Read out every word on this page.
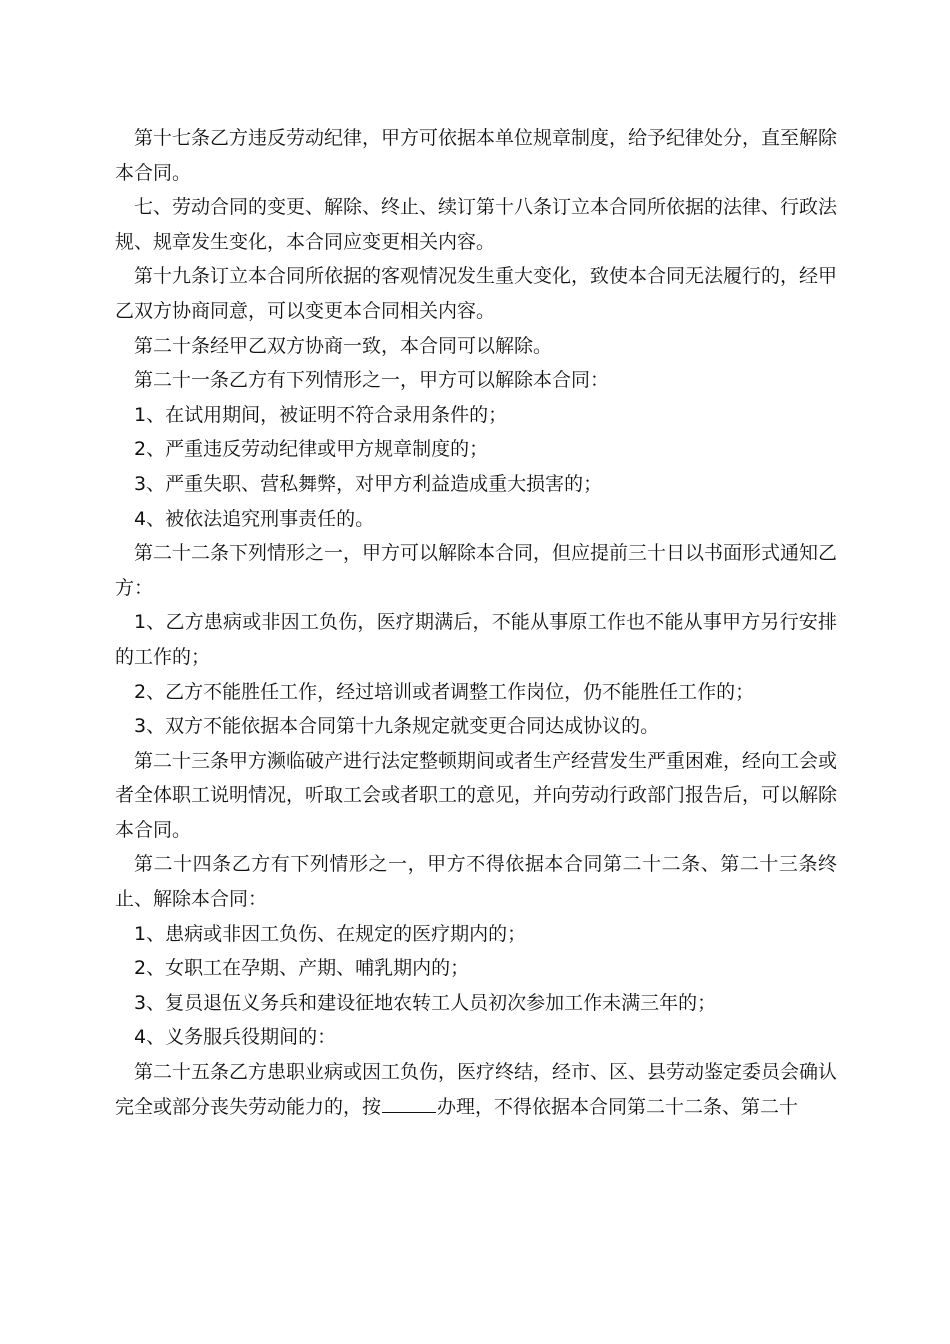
第十七条乙方违反劳动纪律，甲方可依据本单位规章制度，给予纪律处分，直至解除本合同。

七、劳动合同的变更、解除、终止、续订第十八条订立本合同所依据的法律、行政法规、规章发生变化，本合同应变更相关内容。

第十九条订立本合同所依据的客观情况发生重大变化，致使本合同无法履行的，经甲乙双方协商同意，可以变更本合同相关内容。

第二十条经甲乙双方协商一致，本合同可以解除。

第二十一条乙方有下列情形之一，甲方可以解除本合同：

1、在试用期间，被证明不符合录用条件的；

2、严重违反劳动纪律或甲方规章制度的；

3、严重失职、营私舞弊，对甲方利益造成重大损害的；

4、被依法追究刑事责任的。

第二十二条下列情形之一，甲方可以解除本合同，但应提前三十日以书面形式通知乙方：

1、乙方患病或非因工负伤，医疗期满后，不能从事原工作也不能从事甲方另行安排的工作的；

2、乙方不能胜任工作，经过培训或者调整工作岗位，仍不能胜任工作的；

3、双方不能依据本合同第十九条规定就变更合同达成协议的。

第二十三条甲方濒临破产进行法定整顿期间或者生产经营发生严重困难，经向工会或者全体职工说明情况，听取工会或者职工的意见，并向劳动行政部门报告后，可以解除本合同。

第二十四条乙方有下列情形之一，甲方不得依据本合同第二十二条、第二十三条终止、解除本合同：

1、患病或非因工负伤、在规定的医疗期内的；

2、女职工在孕期、产期、哺乳期内的；

3、复员退伍义务兵和建设征地农转工人员初次参加工作未满三年的；

4、义务服兵役期间的：

第二十五条乙方患职业病或因工负伤，医疗终结，经市、区、县劳动鉴定委员会确认完全或部分丧失劳动能力的，按	办理，不得依据本合同第二十二条、第二十
